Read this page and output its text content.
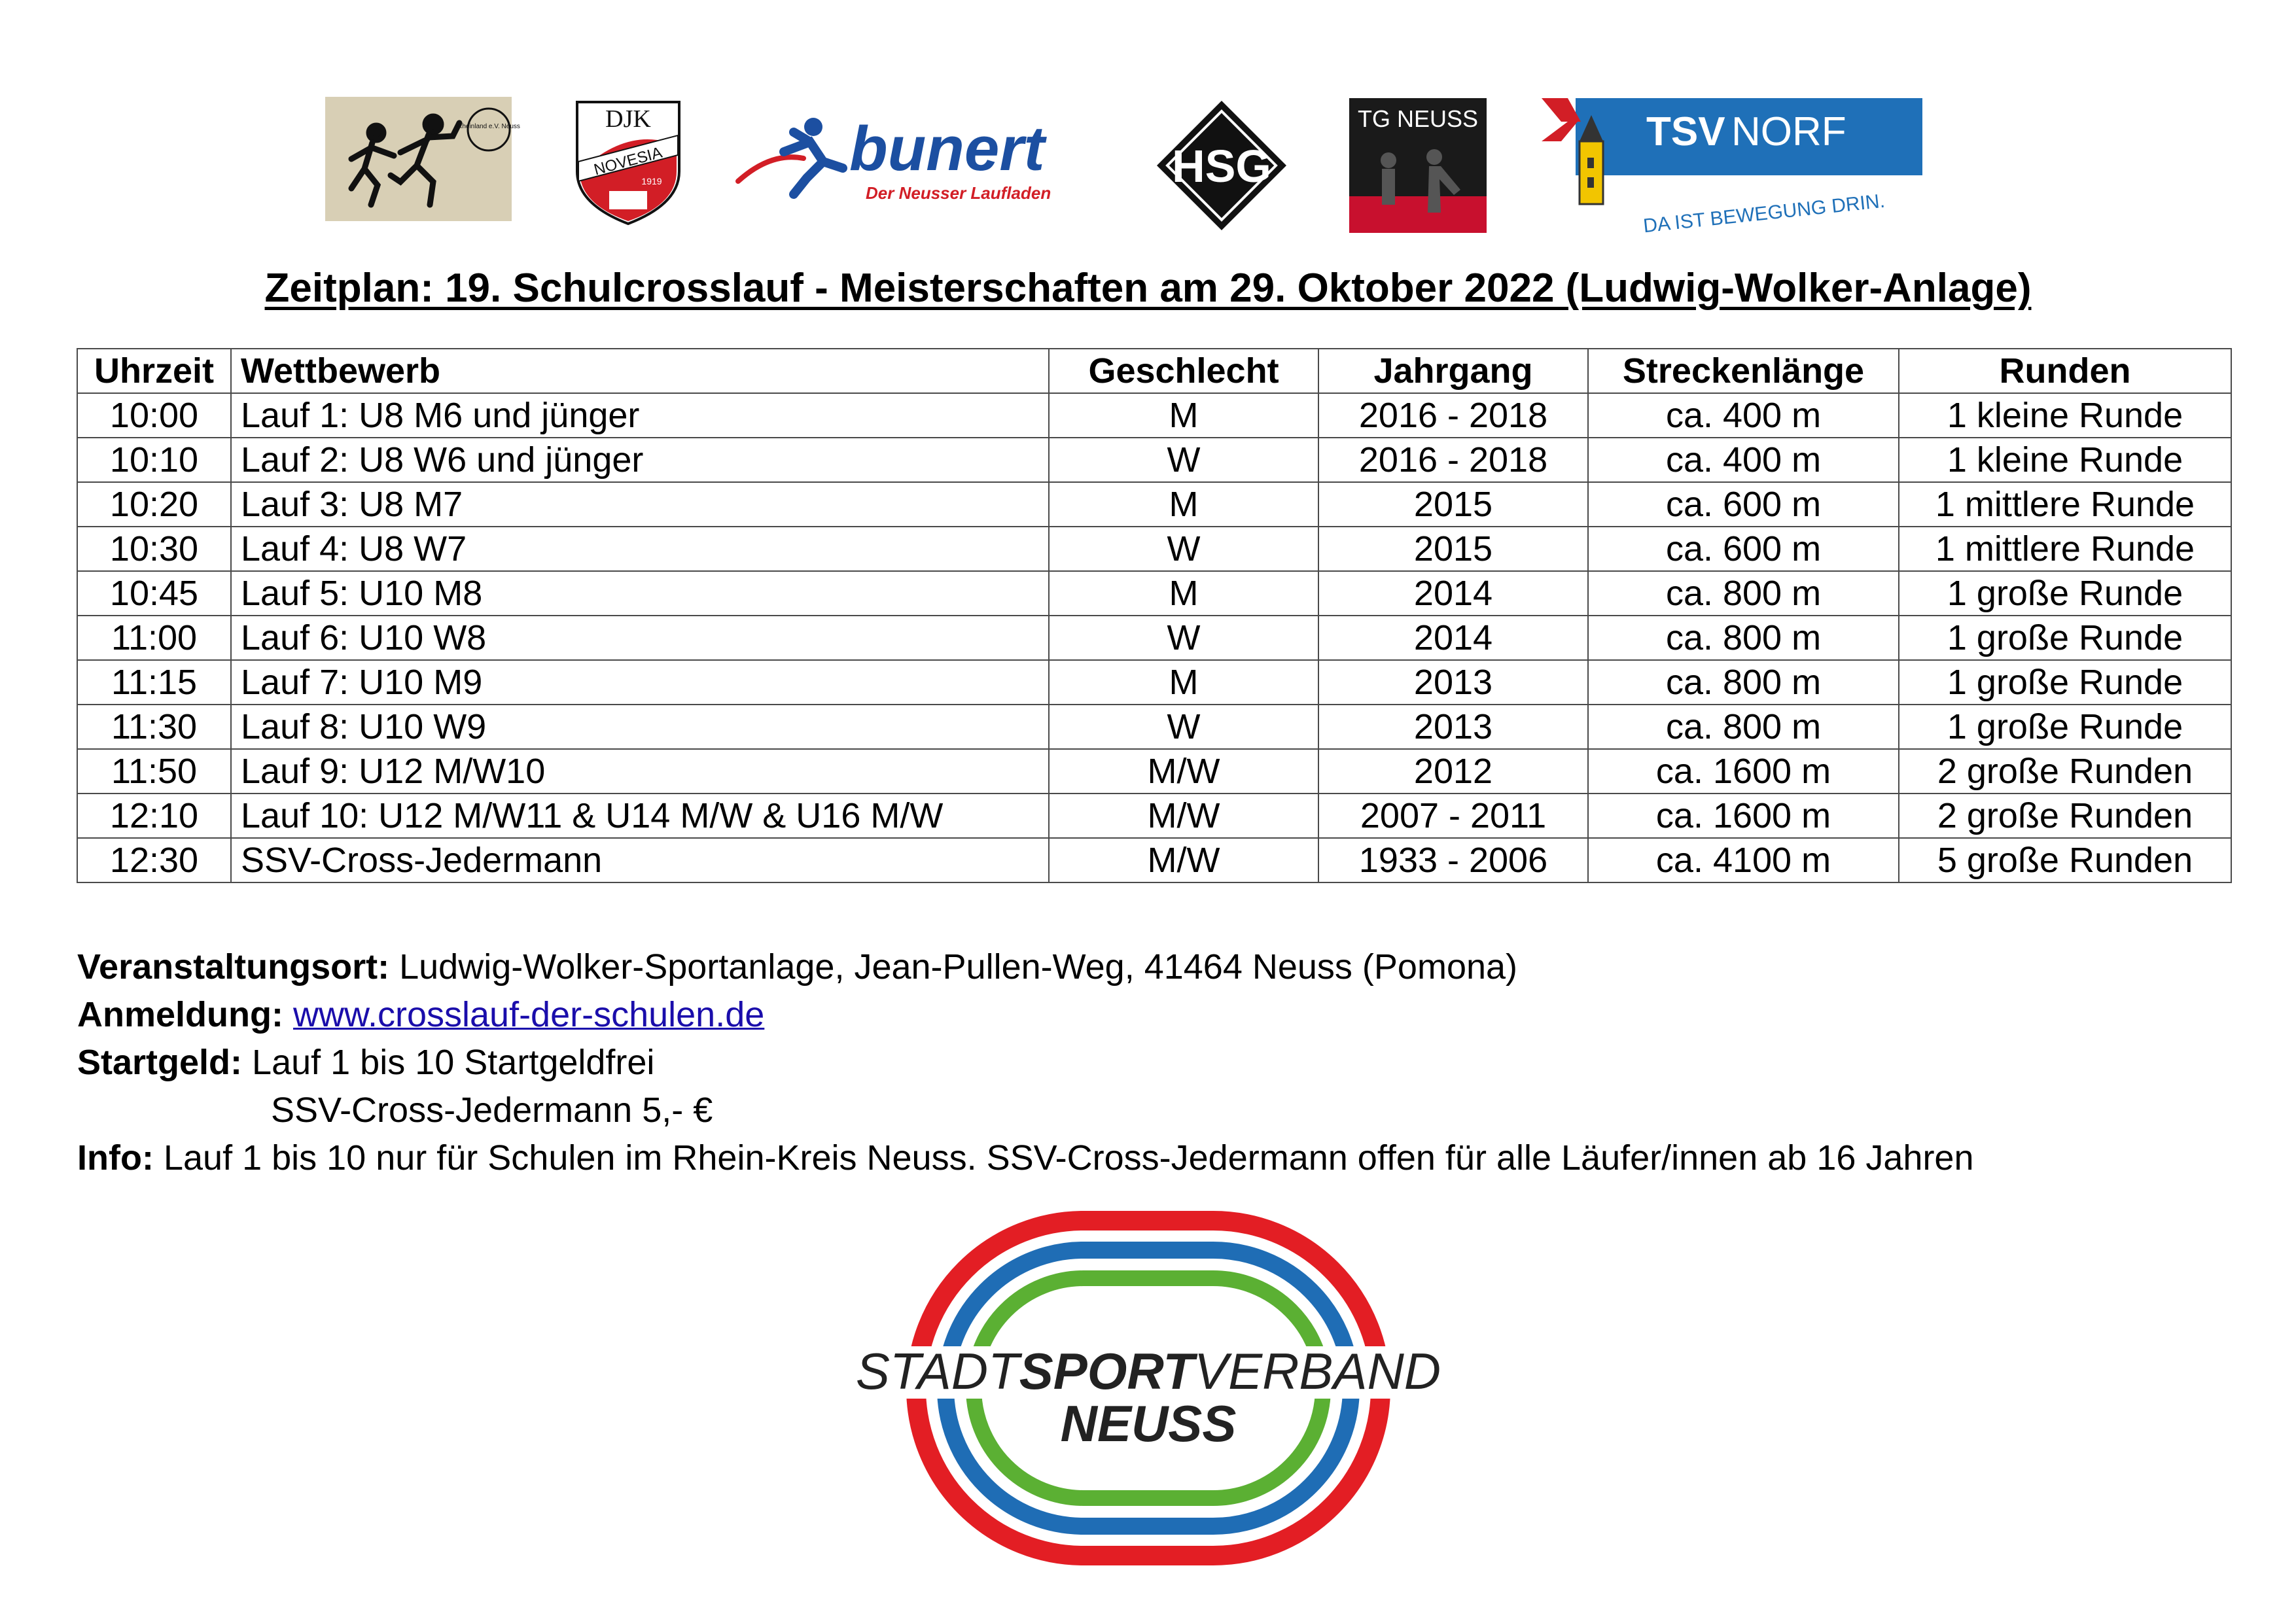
Rheinland e.V. Neuss	DJK
NOVESIA
1919	bunert
Der Neusser Laufladen
HSG
TG NEUSS	TSV NORF
DA IST BEWEGUNG DRIN.
Zeitplan: 19. Schulcrosslauf - Meisterschaften am 29. Oktober 2022 (Ludwig-Wolker-Anlage)
Uhrzeit	Wettbewerb	Geschlecht	Jahrgang	Streckenlänge	Runden
10:00	Lauf 1: U8 M6 und jünger	M	2016 - 2018	ca. 400 m	1 kleine Runde
10:10	Lauf 2: U8 W6 und jünger	W	2016 - 2018	ca. 400 m	1 kleine Runde
10:20	Lauf 3: U8 M7	M	2015	ca. 600 m	1 mittlere Runde
10:30	Lauf 4: U8 W7	W	2015	ca. 600 m	1 mittlere Runde
10:45	Lauf 5: U10 M8	M	2014	ca. 800 m	1 große Runde
11:00	Lauf 6: U10 W8	W	2014	ca. 800 m	1 große Runde
11:15	Lauf 7: U10 M9	M	2013	ca. 800 m	1 große Runde
11:30	Lauf 8: U10 W9	W	2013	ca. 800 m	1 große Runde
11:50	Lauf 9: U12 M/W10	M/W	2012	ca. 1600 m	2 große Runden
12:10	Lauf 10: U12 M/W11 & U14 M/W & U16 M/W	M/W	2007 - 2011	ca. 1600 m	2 große Runden
12:30	SSV-Cross-Jedermann	M/W	1933 - 2006	ca. 4100 m	5 große Runden
Veranstaltungsort: Ludwig-Wolker-Sportanlage, Jean-Pullen-Weg, 41464 Neuss (Pomona)
Anmeldung: www.crosslauf-der-schulen.de
Startgeld: Lauf 1 bis 10 Startgeldfrei
SSV-Cross-Jedermann 5,- €
Info: Lauf 1 bis 10 nur für Schulen im Rhein-Kreis Neuss. SSV-Cross-Jedermann offen für alle Läufer/innen ab 16 Jahren
STADTSPORTVERBAND
NEUSS
